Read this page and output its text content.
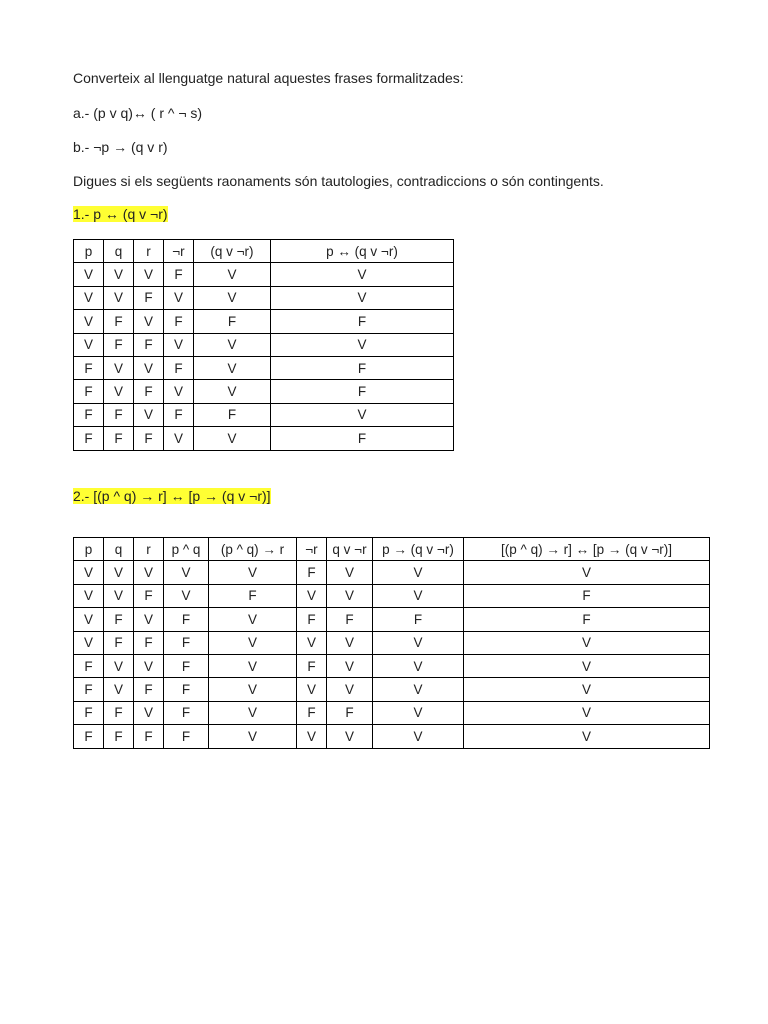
Converteix al llenguatge natural aquestes frases formalitzades:
a.- (p v q)↔ ( r ^ ¬ s)
b.- ¬p → (q v r)
Digues si els següents raonaments són tautologies, contradiccions o són contingents.
1.- p ↔ (q v ¬r)
p	q	r	¬r	(q v ¬r)	p ↔ (q v ¬r)
V	V	V	F	V	V
V	V	F	V	V	V
V	F	V	F	F	F
V	F	F	V	V	V
F	V	V	F	V	F
F	V	F	V	V	F
F	F	V	F	F	V
F	F	F	V	V	F
2.- [(p ^ q) → r] ↔ [p → (q v ¬r)]
p	q	r	p ^ q	(p ^ q) → r	¬r	q v ¬r	p → (q v ¬r)	[(p ^ q) → r] ↔ [p → (q v ¬r)]
V	V	V	V	V	F	V	V	V
V	V	F	V	F	V	V	V	F
V	F	V	F	V	F	F	F	F
V	F	F	F	V	V	V	V	V
F	V	V	F	V	F	V	V	V
F	V	F	F	V	V	V	V	V
F	F	V	F	V	F	F	V	V
F	F	F	F	V	V	V	V	V
